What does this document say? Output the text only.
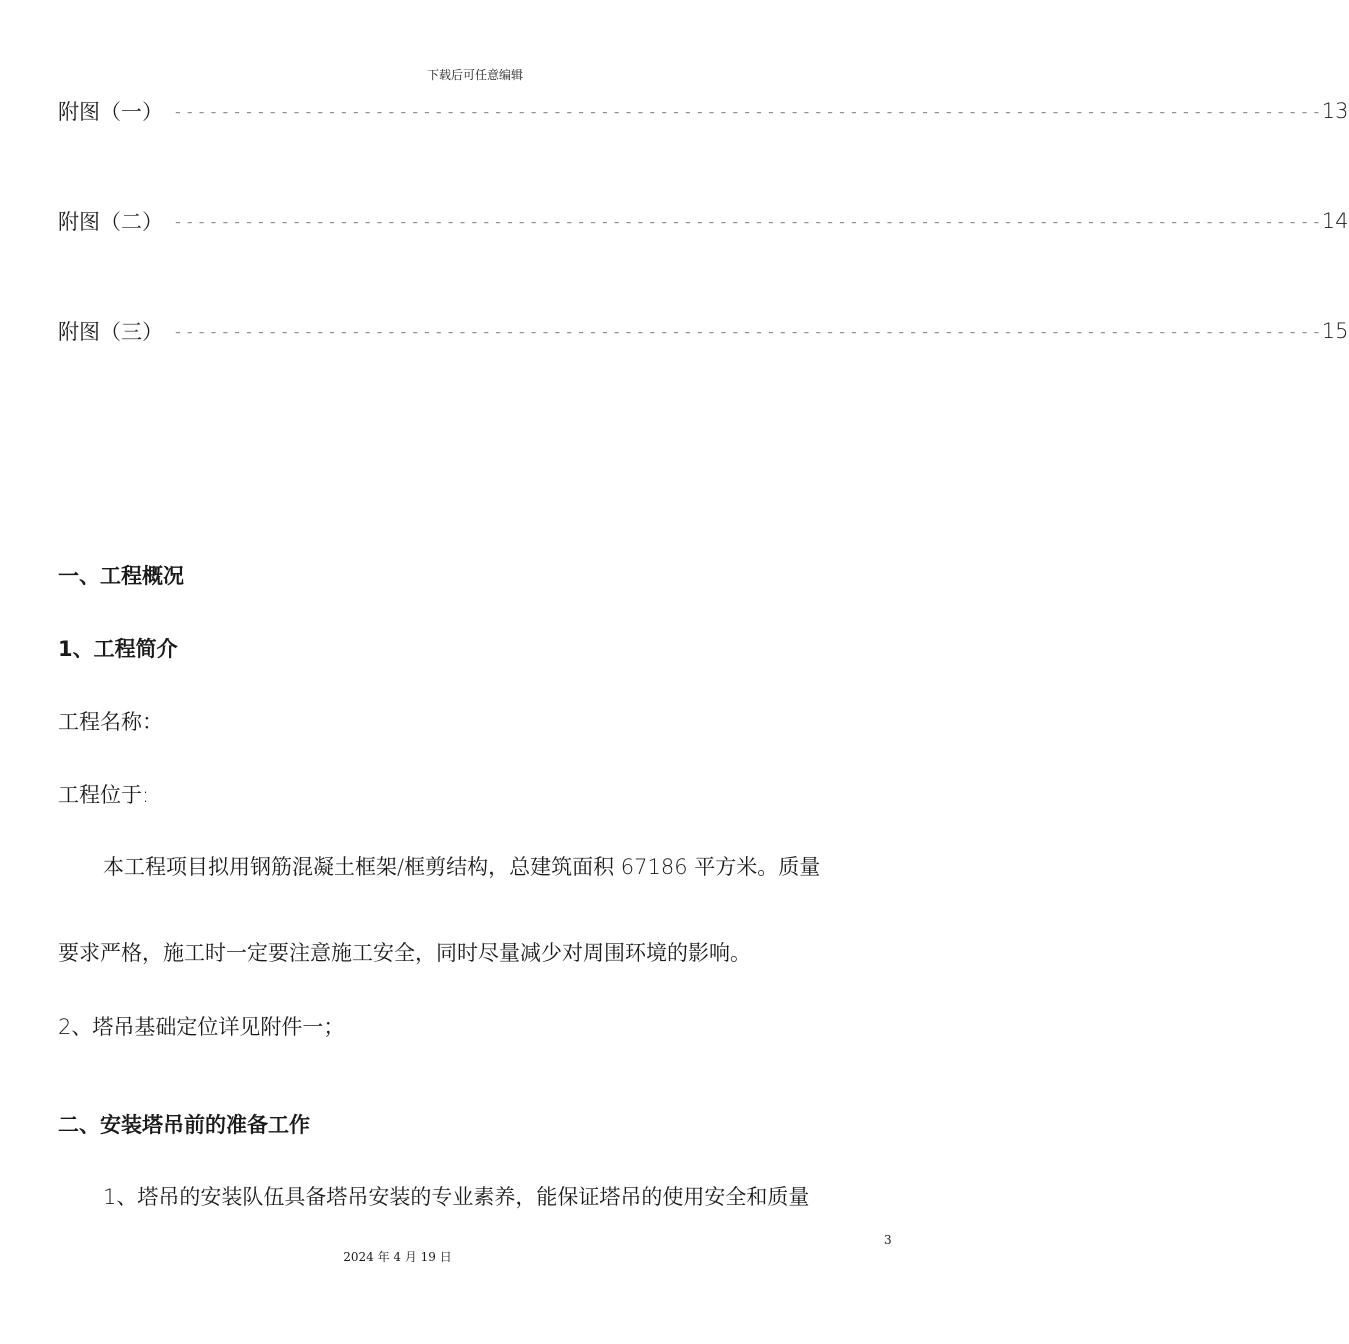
下载后可任意编辑
附图（一） - - - - - - - - - - - - - - - - - - - - - - - - - - - - - - - - - - - - - - - - - - - - - - - - - - - - - - - - - - - - - - - - - - - - - - - - - - - - - - - - - - - - - - - - - - - - - - - - - 13
附图（二） - - - - - - - - - - - - - - - - - - - - - - - - - - - - - - - - - - - - - - - - - - - - - - - - - - - - - - - - - - - - - - - - - - - - - - - - - - - - - - - - - - - - - - - - - - - - - - - - - 14
附图（三） - - - - - - - - - - - - - - - - - - - - - - - - - - - - - - - - - - - - - - - - - - - - - - - - - - - - - - - - - - - - - - - - - - - - - - - - - - - - - - - - - - - - - - - - - - - - - - - - - 15
一、工程概况
1、工程简介
工程名称：
工程位于:
本工程项目拟用钢筋混凝土框架/框剪结构，总建筑面积 67186 平方米。质量
要求严格，施工时一定要注意施工安全，同时尽量减少对周围环境的影响。
2、塔吊基础定位详见附件一；
二、安装塔吊前的准备工作
1、塔吊的安装队伍具备塔吊安装的专业素养，能保证塔吊的使用安全和质量
3
2024 年 4 月 19 日
